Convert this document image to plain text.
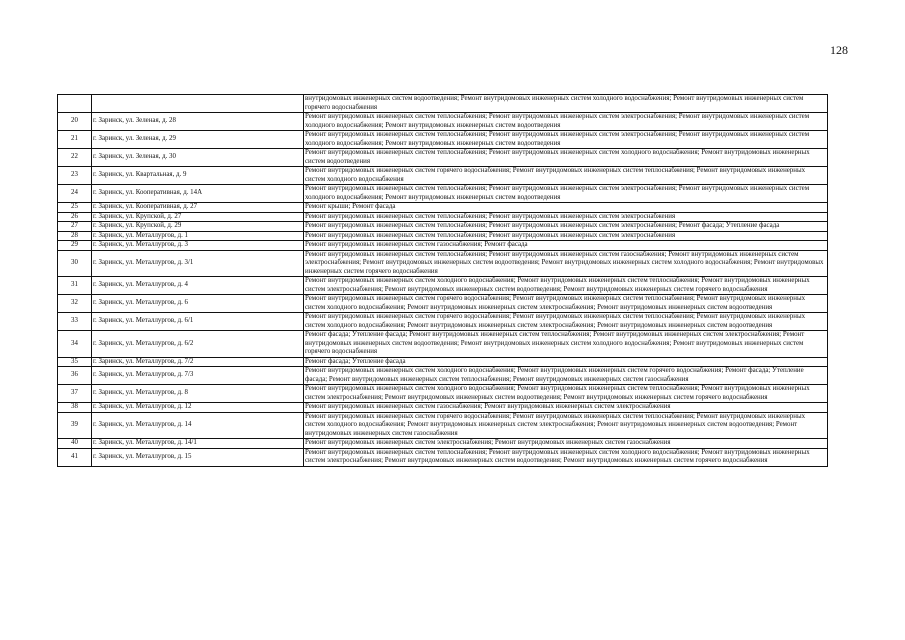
128
		внутридомовых инженерных систем водоотведения; Ремонт внутридомовых инженерных систем холодного водоснабжения; Ремонт внутридомовых инженерных систем горячего водоснабжения
20	г. Заринск, ул. Зеленая, д. 28	Ремонт внутридомовых инженерных систем теплоснабжения; Ремонт внутридомовых инженерных систем электроснабжения; Ремонт внутридомовых инженерных систем холодного водоснабжения; Ремонт внутридомовых инженерных систем водоотведения
21	г. Заринск, ул. Зеленая, д. 29	Ремонт внутридомовых инженерных систем теплоснабжения; Ремонт внутридомовых инженерных систем электроснабжения; Ремонт внутридомовых инженерных систем холодного водоснабжения; Ремонт внутридомовых инженерных систем водоотведения
22	г. Заринск, ул. Зеленая, д. 30	Ремонт внутридомовых инженерных систем теплоснабжения; Ремонт внутридомовых инженерных систем холодного водоснабжения; Ремонт внутридомовых инженерных систем водоотведения
23	г. Заринск, ул. Квартальная, д. 9	Ремонт внутридомовых инженерных систем горячего водоснабжения; Ремонт внутридомовых инженерных систем теплоснабжения; Ремонт внутридомовых инженерных систем холодного водоснабжения
24	г. Заринск, ул. Кооперативная, д. 14А	Ремонт внутридомовых инженерных систем теплоснабжения; Ремонт внутридомовых инженерных систем электроснабжения; Ремонт внутридомовых инженерных систем холодного водоснабжения; Ремонт внутридомовых инженерных систем водоотведения
25	г. Заринск, ул. Кооперативная, д. 27	Ремонт крыши; Ремонт фасада
26	г. Заринск, ул. Крупской, д. 27	Ремонт внутридомовых инженерных систем теплоснабжения; Ремонт внутридомовых инженерных систем электроснабжения
27	г. Заринск, ул. Крупской, д. 29	Ремонт внутридомовых инженерных систем теплоснабжения; Ремонт внутридомовых инженерных систем электроснабжения; Ремонт фасада; Утепление фасада
28	г. Заринск, ул. Металлургов, д. 1	Ремонт внутридомовых инженерных систем теплоснабжения; Ремонт внутридомовых инженерных систем электроснабжения
29	г. Заринск, ул. Металлургов, д. 3	Ремонт внутридомовых инженерных систем газоснабжения; Ремонт фасада
30	г. Заринск, ул. Металлургов, д. 3/1	Ремонт внутридомовых инженерных систем теплоснабжения; Ремонт внутридомовых инженерных систем газоснабжения; Ремонт внутридомовых инженерных систем электроснабжения; Ремонт внутридомовых инженерных систем водоотведения; Ремонт внутридомовых инженерных систем холодного водоснабжения; Ремонт внутридомовых инженерных систем горячего водоснабжения
31	г. Заринск, ул. Металлургов, д. 4	Ремонт внутридомовых инженерных систем холодного водоснабжения; Ремонт внутридомовых инженерных систем теплоснабжения; Ремонт внутридомовых инженерных систем электроснабжения; Ремонт внутридомовых инженерных систем водоотведения; Ремонт внутридомовых инженерных систем горячего водоснабжения
32	г. Заринск, ул. Металлургов, д. 6	Ремонт внутридомовых инженерных систем горячего водоснабжения; Ремонт внутридомовых инженерных систем теплоснабжения; Ремонт внутридомовых инженерных систем холодного водоснабжения; Ремонт внутридомовых инженерных систем электроснабжения; Ремонт внутридомовых инженерных систем водоотведения
33	г. Заринск, ул. Металлургов, д. 6/1	Ремонт внутридомовых инженерных систем горячего водоснабжения; Ремонт внутридомовых инженерных систем теплоснабжения; Ремонт внутридомовых инженерных систем холодного водоснабжения; Ремонт внутридомовых инженерных систем электроснабжения; Ремонт внутридомовых инженерных систем водоотведения
34	г. Заринск, ул. Металлургов, д. 6/2	Ремонт фасада; Утепление фасада; Ремонт внутридомовых инженерных систем теплоснабжения; Ремонт внутридомовых инженерных систем электроснабжения; Ремонт внутридомовых инженерных систем водоотведения; Ремонт внутридомовых инженерных систем холодного водоснабжения; Ремонт внутридомовых инженерных систем горячего водоснабжения
35	г. Заринск, ул. Металлургов, д. 7/2	Ремонт фасада; Утепление фасада
36	г. Заринск, ул. Металлургов, д. 7/3	Ремонт внутридомовых инженерных систем холодного водоснабжения; Ремонт внутридомовых инженерных систем горячего водоснабжения; Ремонт фасада; Утепление фасада; Ремонт внутридомовых инженерных систем теплоснабжения; Ремонт внутридомовых инженерных систем газоснабжения
37	г. Заринск, ул. Металлургов, д. 8	Ремонт внутридомовых инженерных систем холодного водоснабжения; Ремонт внутридомовых инженерных систем теплоснабжения; Ремонт внутридомовых инженерных систем электроснабжения; Ремонт внутридомовых инженерных систем водоотведения; Ремонт внутридомовых инженерных систем горячего водоснабжения
38	г. Заринск, ул. Металлургов, д. 12	Ремонт внутридомовых инженерных систем газоснабжения; Ремонт внутридомовых инженерных систем электроснабжения
39	г. Заринск, ул. Металлургов, д. 14	Ремонт внутридомовых инженерных систем горячего водоснабжения; Ремонт внутридомовых инженерных систем теплоснабжения; Ремонт внутридомовых инженерных систем холодного водоснабжения; Ремонт внутридомовых инженерных систем электроснабжения; Ремонт внутридомовых инженерных систем водоотведения; Ремонт внутридомовых инженерных систем газоснабжения
40	г. Заринск, ул. Металлургов, д. 14/1	Ремонт внутридомовых инженерных систем электроснабжения; Ремонт внутридомовых инженерных систем газоснабжения
41	г. Заринск, ул. Металлургов, д. 15	Ремонт внутридомовых инженерных систем теплоснабжения; Ремонт внутридомовых инженерных систем холодного водоснабжения; Ремонт внутридомовых инженерных систем электроснабжения; Ремонт внутридомовых инженерных систем водоотведения; Ремонт внутридомовых инженерных систем горячего водоснабжения
